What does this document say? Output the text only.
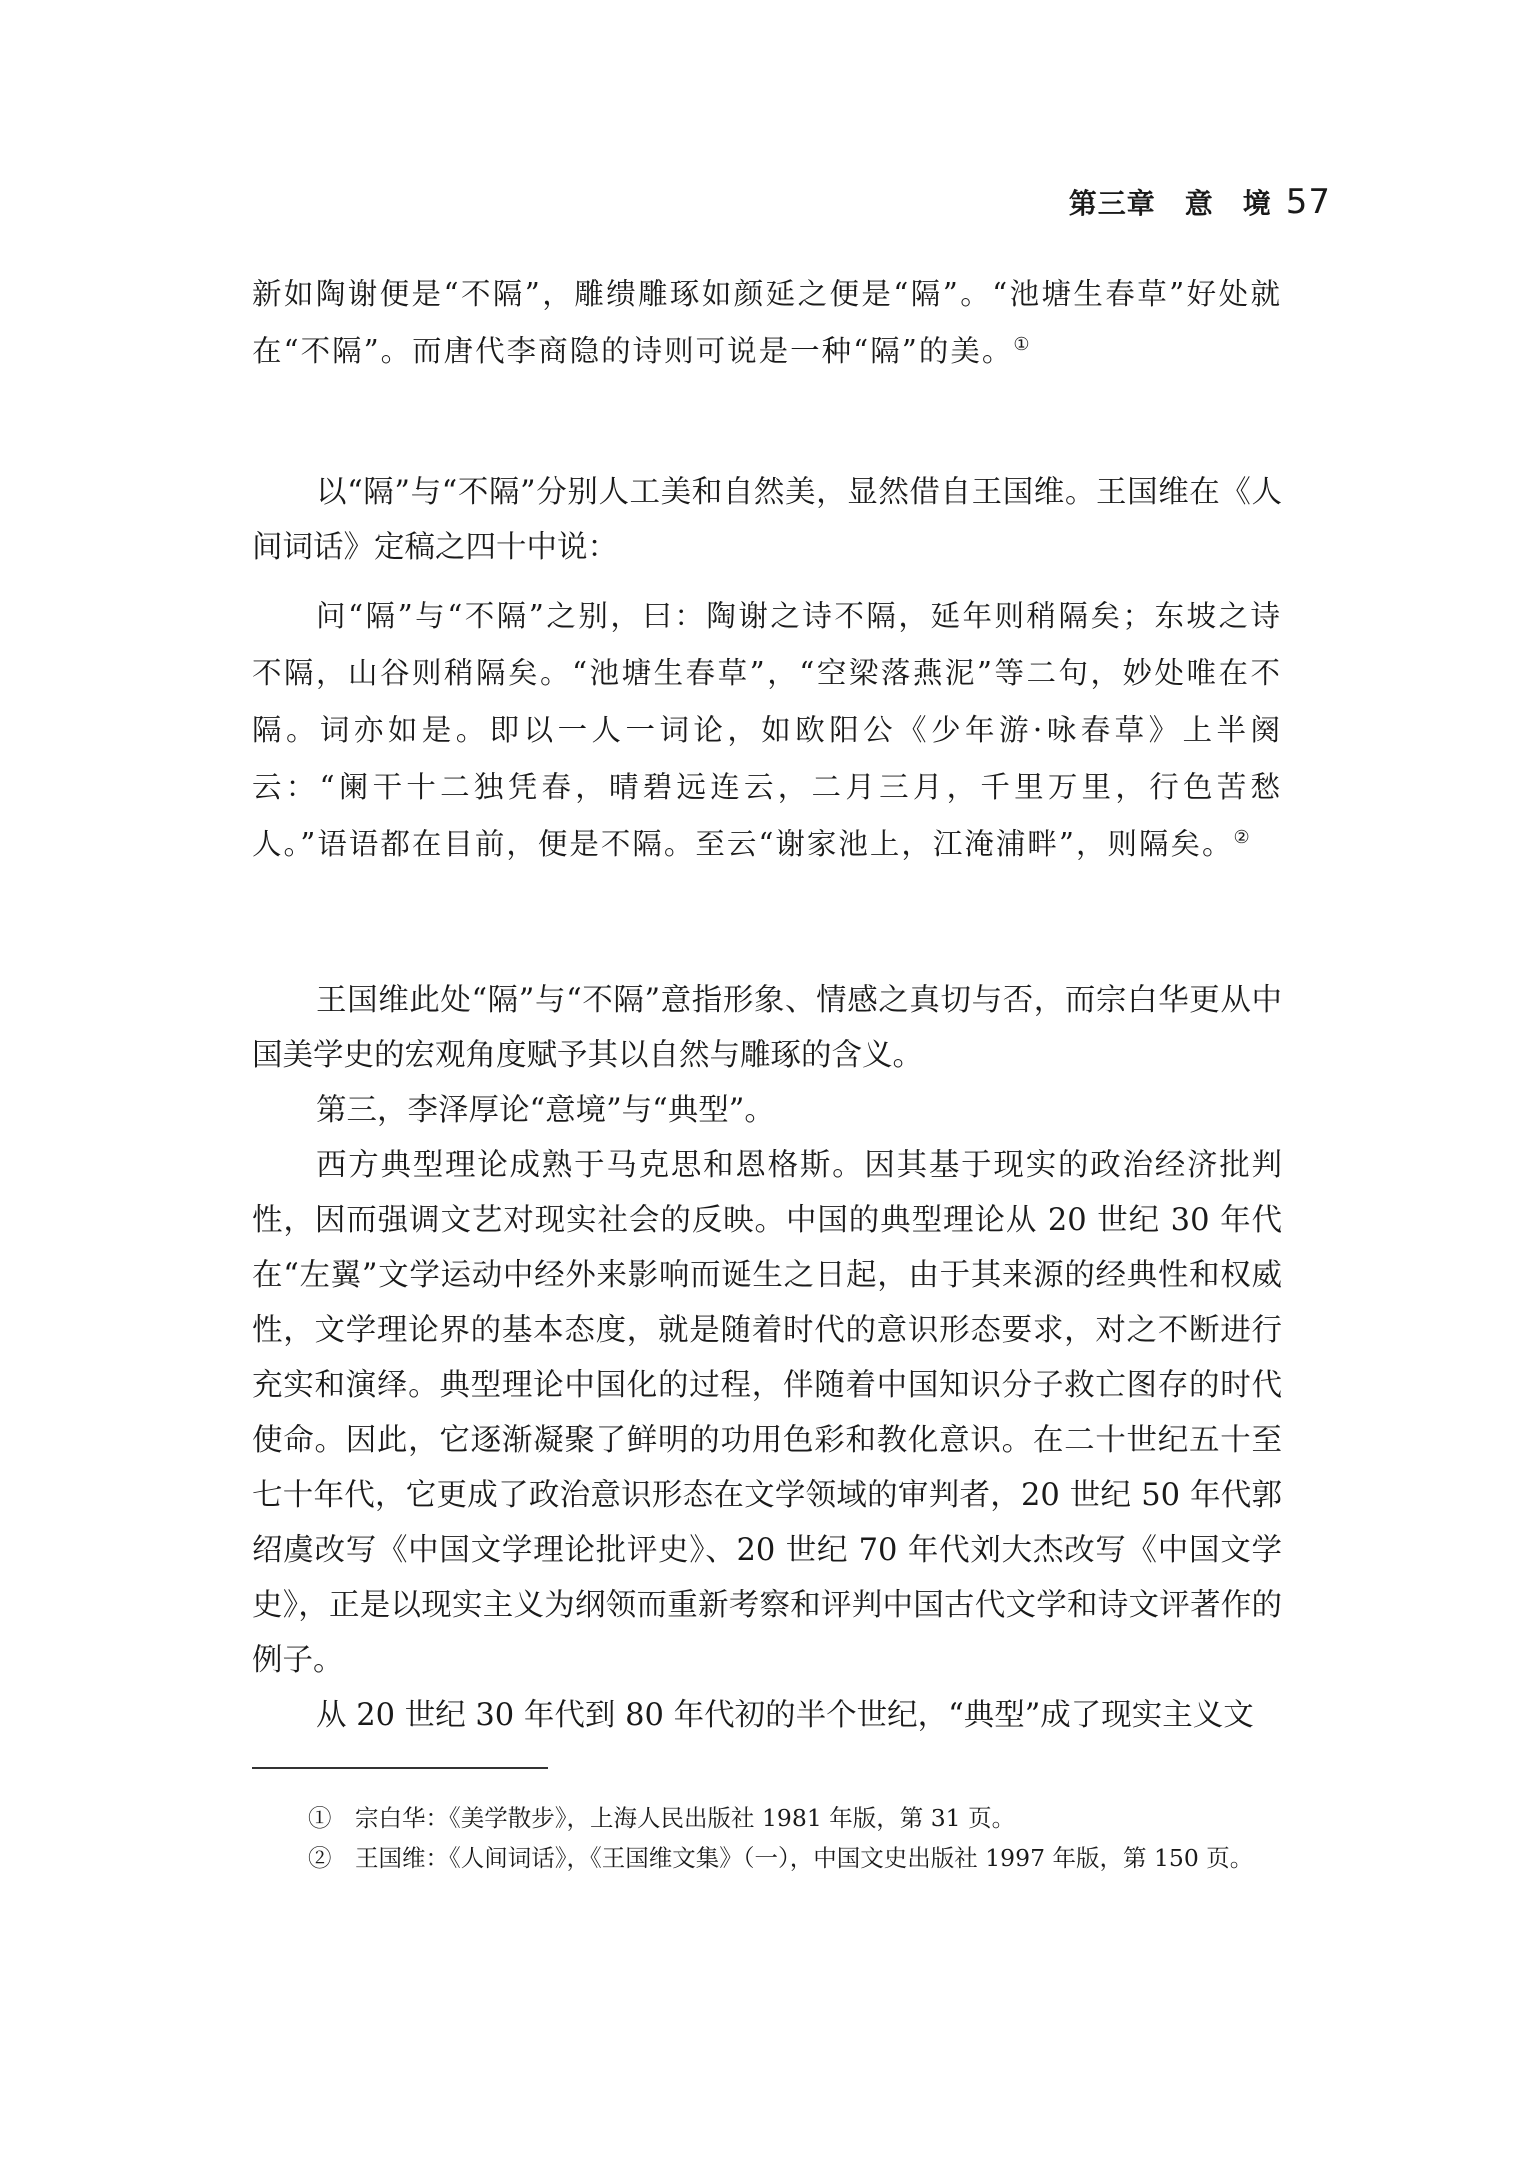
第三章　意　境 57

新如陶谢便是“不隔”，雕缋雕琢如颜延之便是“隔”。“池塘生春草”好处就在“不隔”。而唐代李商隐的诗则可说是一种“隔”的美。①

以“隔”与“不隔”分别人工美和自然美，显然借自王国维。王国维在《人间词话》定稿之四十中说：

问“隔”与“不隔”之别，曰：陶谢之诗不隔，延年则稍隔矣；东坡之诗不隔，山谷则稍隔矣。“池塘生春草”，“空梁落燕泥”等二句，妙处唯在不隔。词亦如是。即以一人一词论，如欧阳公《少年游·咏春草》上半阕云：“阑干十二独凭春，晴碧远连云，二月三月，千里万里，行色苦愁人。”语语都在目前，便是不隔。至云“谢家池上，江淹浦畔”，则隔矣。②

王国维此处“隔”与“不隔”意指形象、情感之真切与否，而宗白华更从中国美学史的宏观角度赋予其以自然与雕琢的含义。

第三，李泽厚论“意境”与“典型”。

西方典型理论成熟于马克思和恩格斯。因其基于现实的政治经济批判性，因而强调文艺对现实社会的反映。中国的典型理论从 20 世纪 30 年代在“左翼”文学运动中经外来影响而诞生之日起，由于其来源的经典性和权威性，文学理论界的基本态度，就是随着时代的意识形态要求，对之不断进行充实和演绎。典型理论中国化的过程，伴随着中国知识分子救亡图存的时代使命。因此，它逐渐凝聚了鲜明的功用色彩和教化意识。在二十世纪五十至七十年代，它更成了政治意识形态在文学领域的审判者，20 世纪 50 年代郭绍虞改写《中国文学理论批评史》、20 世纪 70 年代刘大杰改写《中国文学史》，正是以现实主义为纲领而重新考察和评判中国古代文学和诗文评著作的例子。

从 20 世纪 30 年代到 80 年代初的半个世纪，“典型”成了现实主义文

①　 宗白华：《美学散步》，上海人民出版社 1981 年版，第 31 页。

②　 王国维：《人间词话》，《王国维文集》（一），中国文史出版社 1997 年版，第 150 页。
